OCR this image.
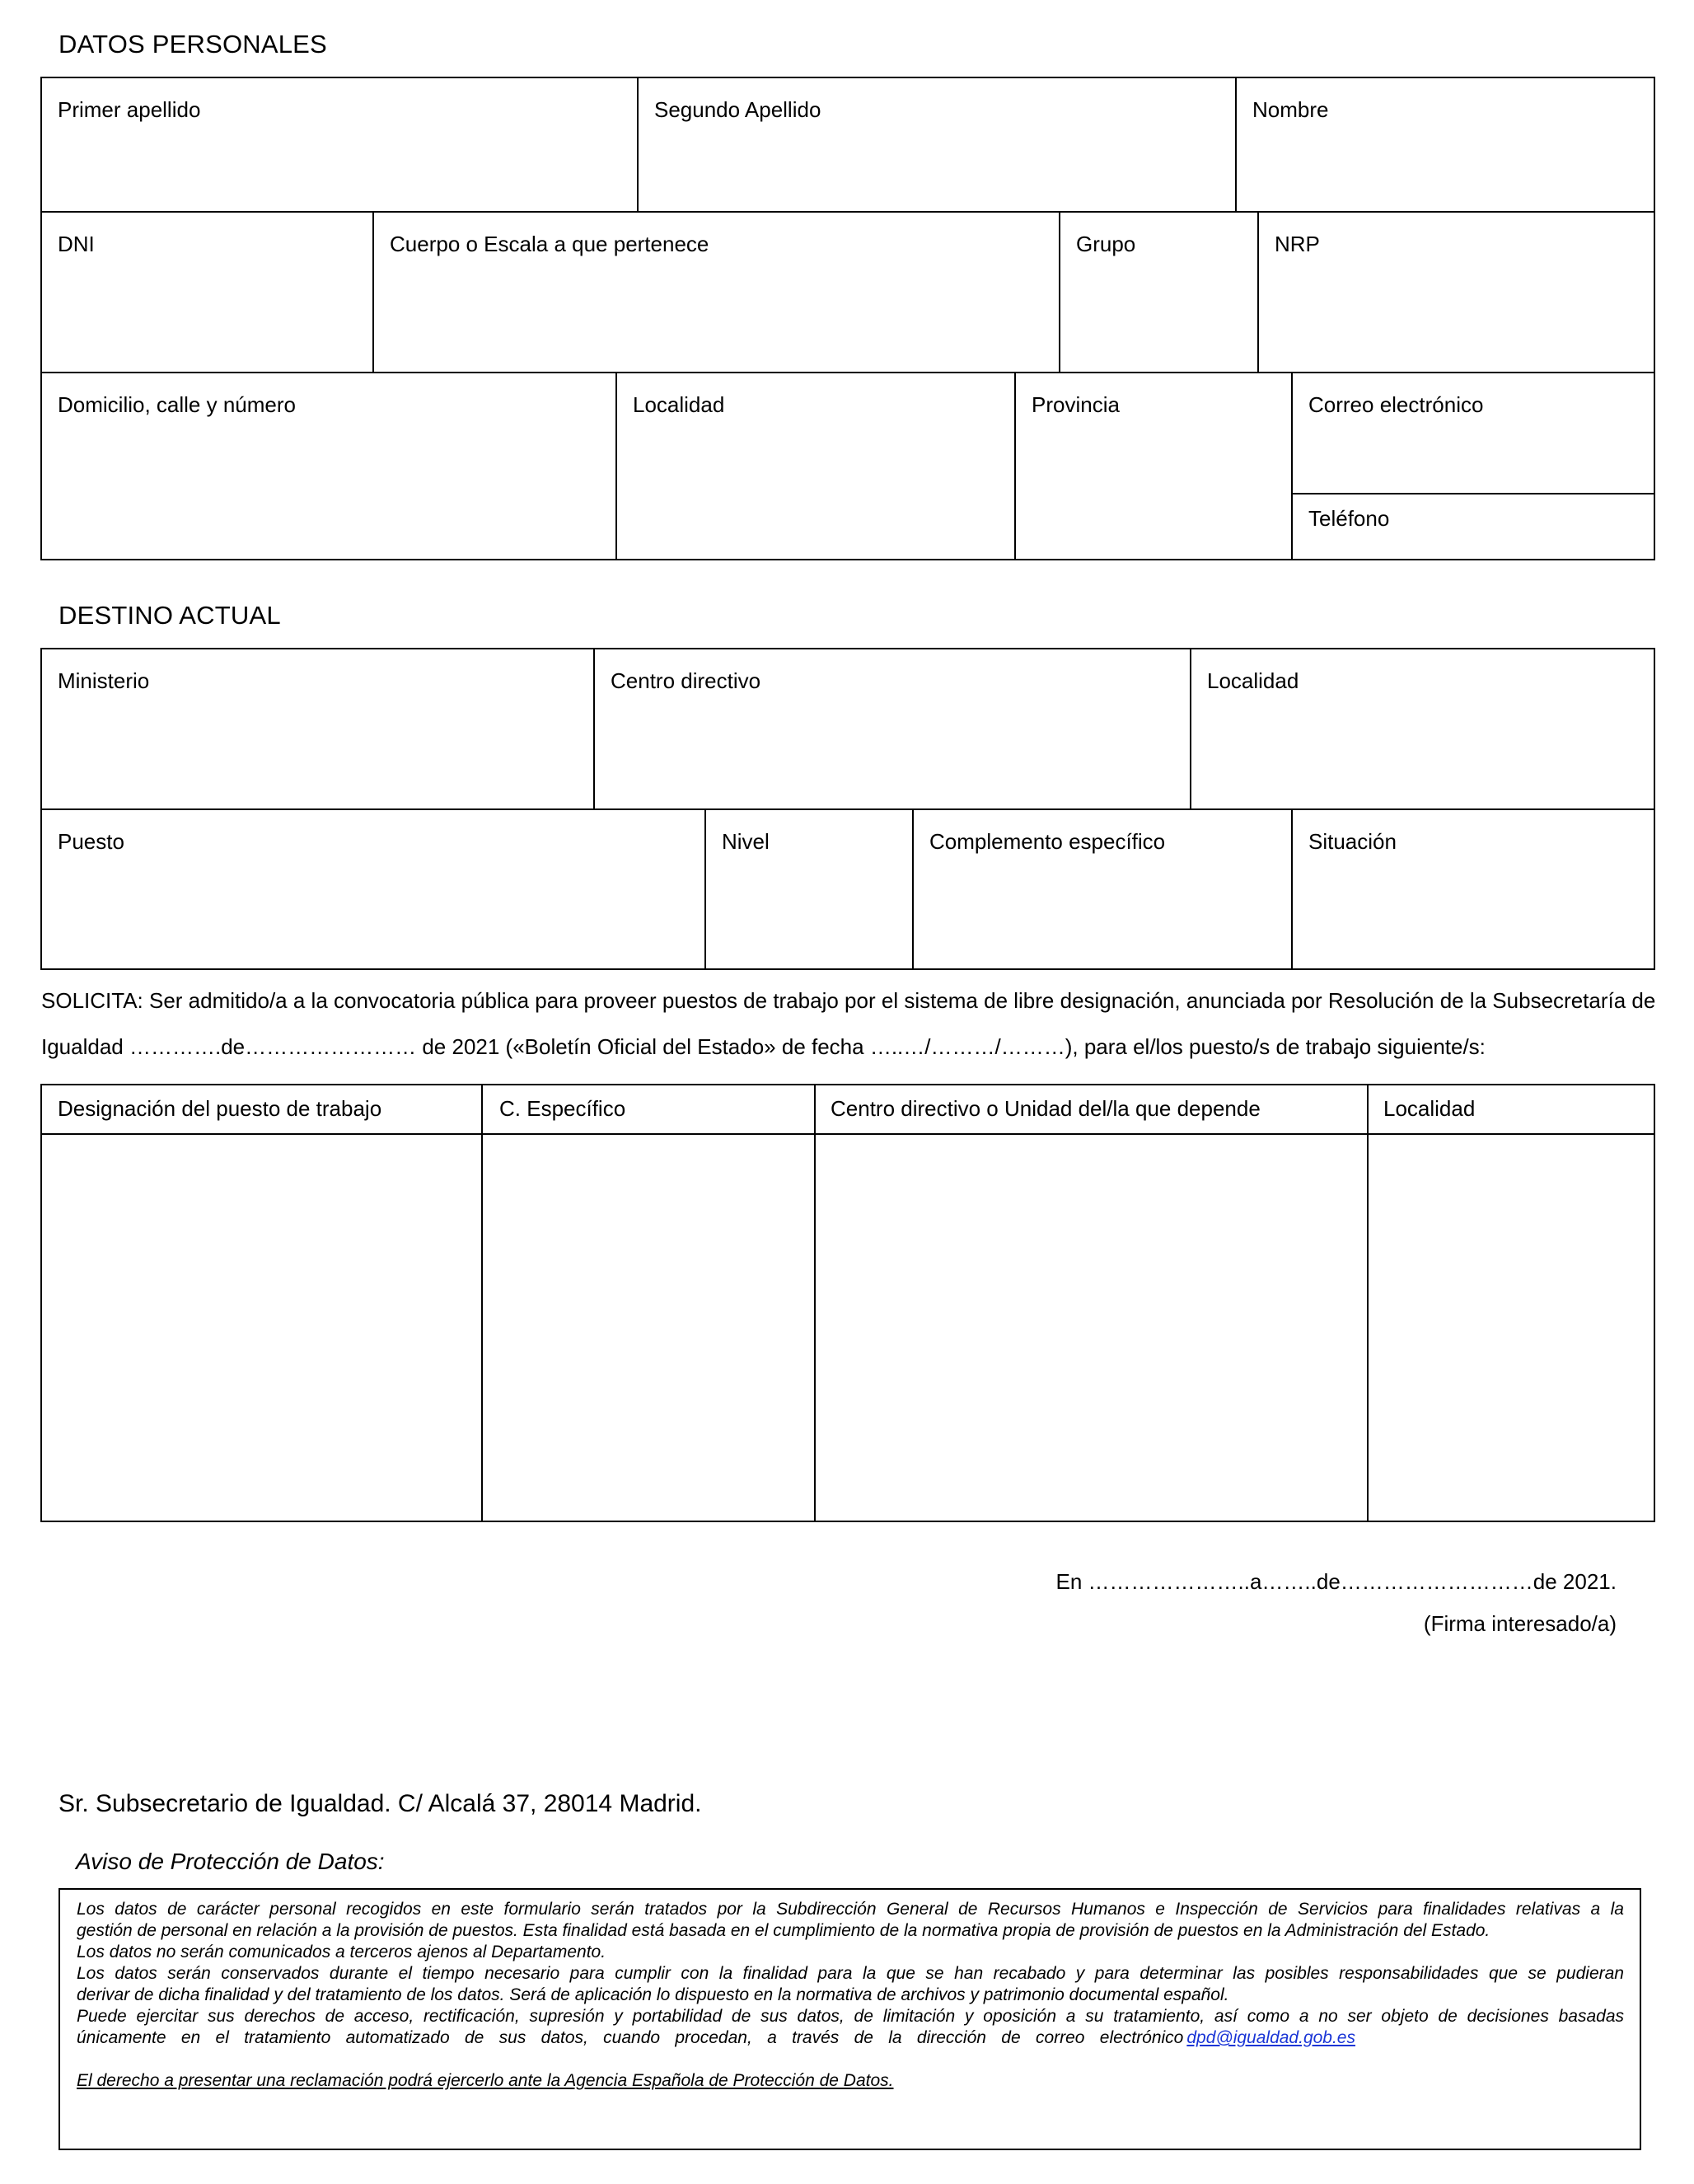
DATOS PERSONALES
Primer apellido	Segundo Apellido	Nombre
DNI	Cuerpo o Escala a que pertenece	Grupo	NRP
Domicilio, calle y número	Localidad	Provincia	Correo electrónico
Teléfono
DESTINO ACTUAL
Ministerio	Centro directivo	Localidad
Puesto	Nivel	Complemento específico	Situación
SOLICITA: Ser admitido/a a la convocatoria pública para proveer puestos de trabajo por el sistema de libre designación, anunciada por Resolución de la Subsecretaría de
Igualdad ………….de…………………… de 2021 («Boletín Oficial del Estado» de fecha …..…/………/………), para el/los puesto/s de trabajo siguiente/s:
Designación del puesto de trabajo	C. Específico	Centro directivo o Unidad del/la que depende	Localidad
En …………………..a……..de………………………de 2021.
(Firma interesado/a)
Sr. Subsecretario de Igualdad. C/ Alcalá 37, 28014 Madrid.
Aviso de Protección de Datos:
Los datos de carácter personal recogidos en este formulario serán tratados por la Subdirección General de Recursos Humanos e Inspección de Servicios para finalidades relativas a la
gestión de personal en relación a la provisión de puestos. Esta finalidad está basada en el cumplimiento de la normativa propia de provisión de puestos en la Administración del Estado.
Los datos no serán comunicados a terceros ajenos al Departamento.
Los datos serán conservados durante el tiempo necesario para cumplir con la finalidad para la que se han recabado y para determinar las posibles responsabilidades que se pudieran
derivar de dicha finalidad y del tratamiento de los datos. Será de aplicación lo dispuesto en la normativa de archivos y patrimonio documental español.
Puede ejercitar sus derechos de acceso, rectificación, supresión y portabilidad de sus datos, de limitación y oposición a su tratamiento, así como a no ser objeto de decisiones basadas
únicamente en el tratamiento automatizado de sus datos, cuando procedan, a través de la dirección de correo electrónico dpd@igualdad.gob.es
El derecho a presentar una reclamación podrá ejercerlo ante la Agencia Española de Protección de Datos.
